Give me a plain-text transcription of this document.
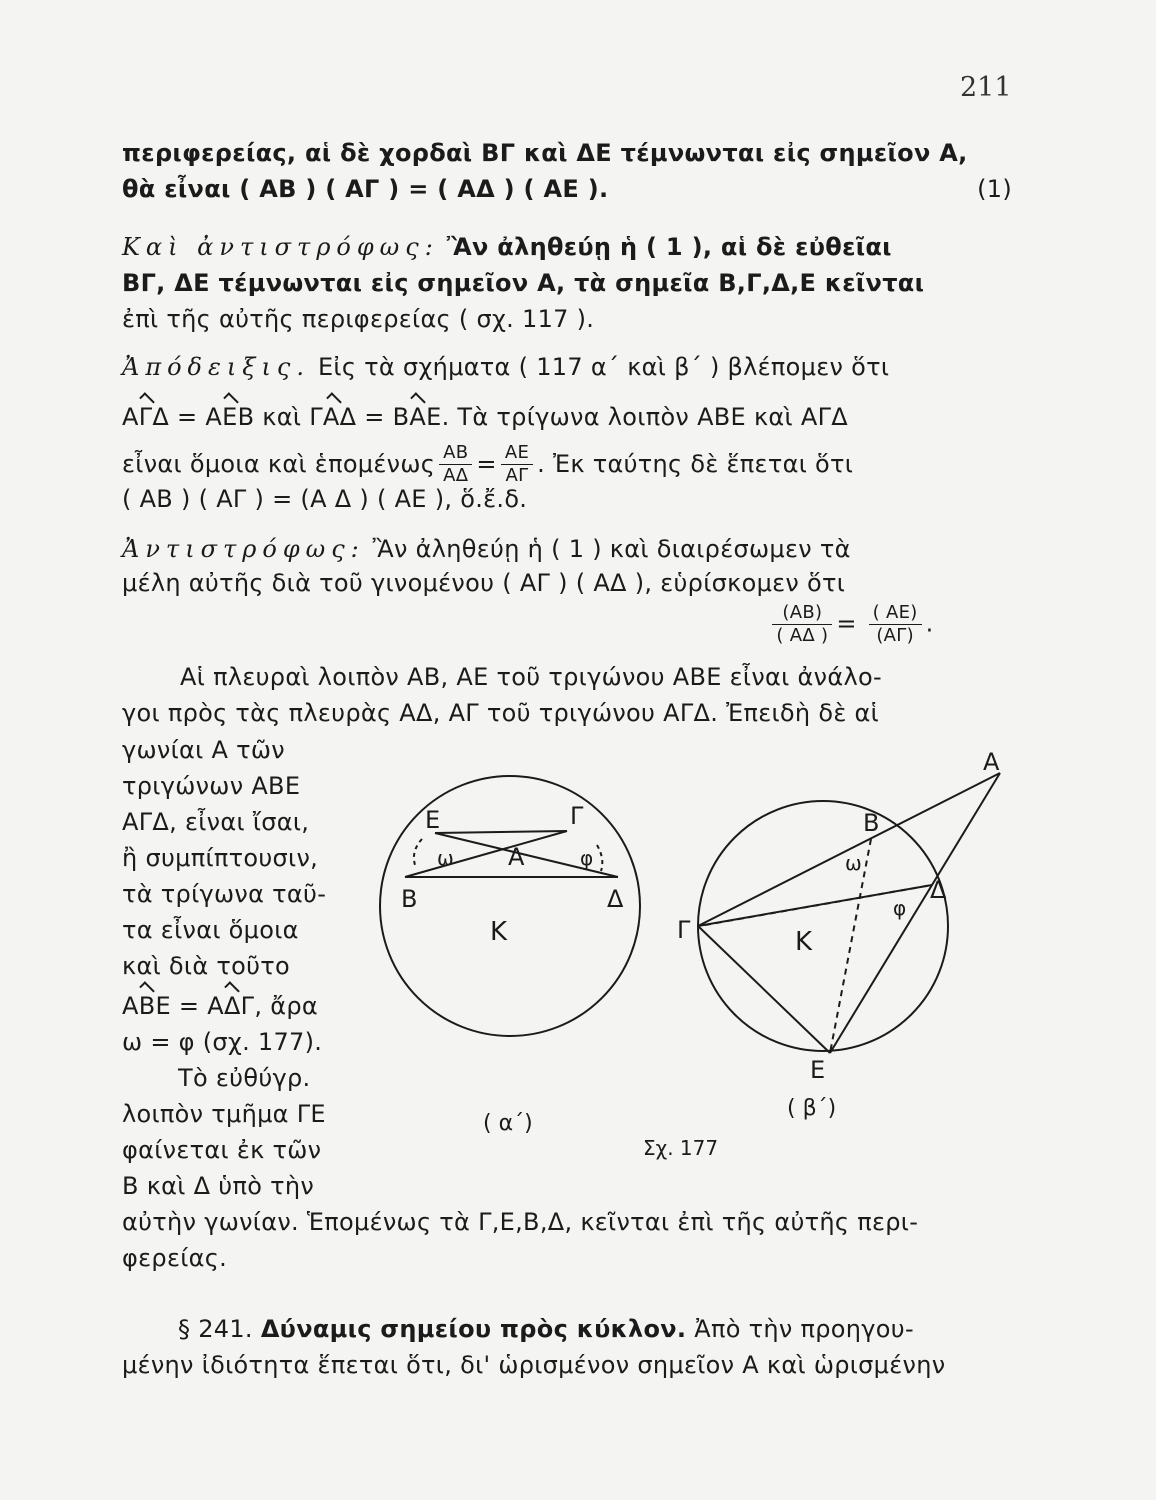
211
περιφερείας, αἱ δὲ χορδαὶ ΒΓ καὶ ΔΕ τέμνωνται εἰς σημεῖον Α,
θὰ εἶναι ( ΑΒ ) ( ΑΓ ) = ( ΑΔ ) ( ΑΕ ).	(1)
Καὶ ἀντιστρόφως: Ἂν ἀληθεύῃ ἡ ( 1 ), αἱ δὲ εὐθεῖαι
ΒΓ, ΔΕ τέμνωνται εἰς σημεῖον Α, τὰ σημεῖα Β,Γ,Δ,Ε κεῖνται
ἐπὶ τῆς αὐτῆς περιφερείας ( σχ. 117 ).
Ἀπόδειξις. Εἰς τὰ σχήματα ( 117 α΄ καὶ β΄ ) βλέπομεν ὅτι
ΑΓΔ = ΑΕΒ καὶ ΓΑΔ = ΒΑΕ. Τὰ τρίγωνα λοιπὸν ΑΒΕ καὶ ΑΓΔ
εἶναι ὅμοια καὶ ἑπομένως $\frac{AB}{A\Delta} = \frac{AE}{A\Gamma}$ . Ἐκ ταύτης δὲ ἕπεται ὅτι
( ΑΒ ) ( ΑΓ ) = (Α Δ ) ( ΑΕ ), ὅ.ἔ.δ.
Ἀντιστρόφως: Ἂν ἀληθεύῃ ἡ ( 1 ) καὶ διαιρέσωμεν τὰ
μέλη αὐτῆς διὰ τοῦ γινομένου ( ΑΓ ) ( ΑΔ ), εὑρίσκομεν ὅτι

$\frac{(AB)}{( A\Delta )} = \frac{( AE)}{(A\Gamma)}$ .
Αἱ πλευραὶ λοιπὸν ΑΒ, ΑΕ τοῦ τριγώνου ΑΒΕ εἶναι ἀνάλο-
γοι πρὸς τὰς πλευρὰς ΑΔ, ΑΓ τοῦ τριγώνου ΑΓΔ. Ἐπειδὴ δὲ αἱ
γωνίαι Α τῶν
τριγώνων ΑΒΕ
ΑΓΔ, εἶναι ἴσαι,
ἢ συμπίπτουσιν,
τὰ τρίγωνα ταῦ-
τα εἶναι ὅμοια
καὶ διὰ τοῦτο
ΑΒΕ = ΑΔΓ, ἄρα
ω = φ (σχ. 177).
Τὸ εὐθύγρ.
λοιπὸν τμῆμα ΓΕ
φαίνεται ἐκ τῶν
Β καὶ Δ ὑπὸ τὴν
αὐτὴν γωνίαν. Ἑπομένως τὰ Γ,Ε,Β,Δ, κεῖνται ἐπὶ τῆς αὐτῆς περι-
φερείας.
§ 241. Δύναμις σημείου πρὸς κύκλον. Ἀπὸ τὴν προηγου-
μένην ἰδιότητα ἕπεται ὅτι, δι' ὡρισμένον σημεῖον Α καὶ ὡρισμένην
E	Γ
A
B	Δ
K
ω	φ
( α΄)
A
B
Δ
Γ	K
E
ω
φ
( β΄)
Σχ. 177
